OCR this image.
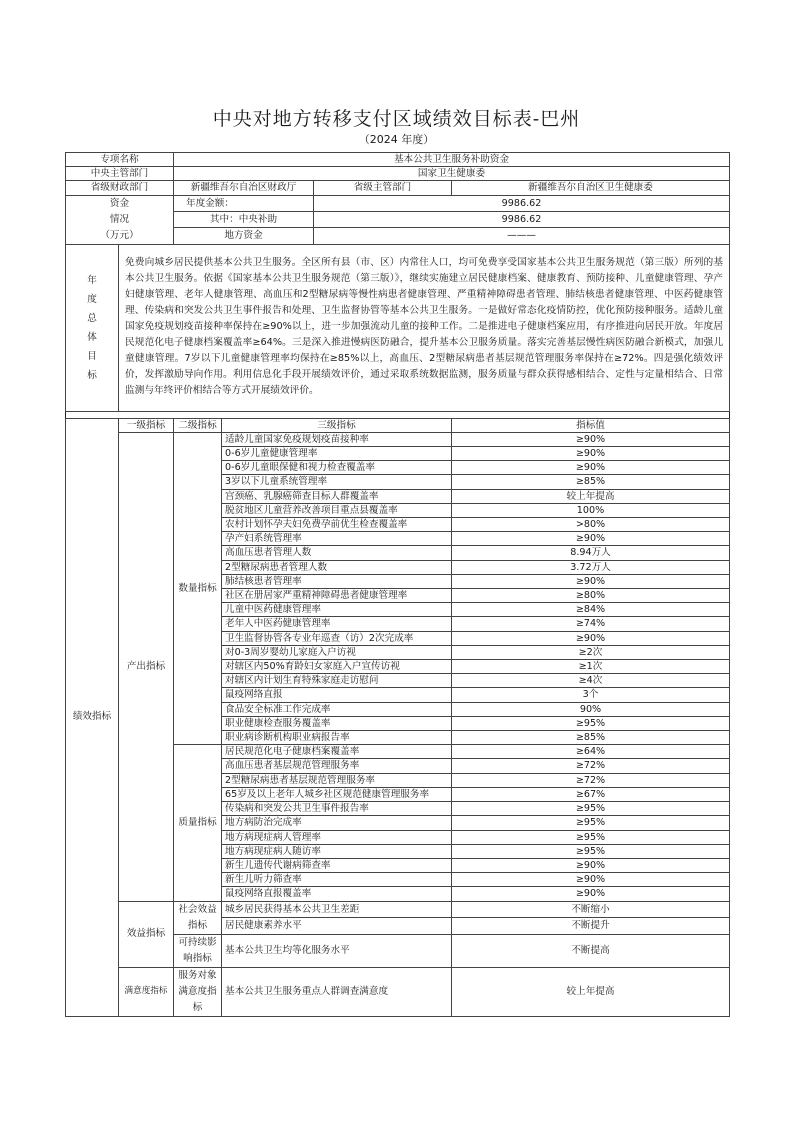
中央对地方转移支付区域绩效目标表-巴州
（2024 年度）
专项名称		基本公共卫生服务补助资金			
中央主管部门		国家卫生健康委			
省级财政部门		新疆维吾尔自治区财政厅		省级主管部门	新疆维吾尔自治区卫生健康委
资金
情况
（万元）		年度金额：		9986.62	
		其中：中央补助		9986.62	
		地方资金		———	

年度总体目标	免费向城乡居民提供基本公共卫生服务。全区所有县（市、区）内常住人口，均可免费享受国家基本公共卫生服务规范（第三版）所列的基本公共卫生服务。依据《国家基本公共卫生服务规范（第三版）》，继续实施建立居民健康档案、健康教育、预防接种、儿童健康管理、孕产妇健康管理、老年人健康管理、高血压和2型糖尿病等慢性病患者健康管理、严重精神障碍患者管理、肺结核患者健康管理、中医药健康管理、传染病和突发公共卫生事件报告和处理、卫生监督协管等基本公共卫生服务。一是做好常态化疫情防控，优化预防接种服务。适龄儿童国家免疫规划疫苗接种率保持在≥90%以上，进一步加强流动儿童的接种工作。二是推进电子健康档案应用，有序推进向居民开放。年度居民规范化电子健康档案覆盖率≥64%。三是深入推进慢病医防融合，提升基本公卫服务质量。落实完善基层慢性病医防融合新模式，加强儿童健康管理。7岁以下儿童健康管理率均保持在≥85%以上，高血压、2型糖尿病患者基层规范管理服务率保持在≥72%。四是强化绩效评价，发挥激励导向作用。利用信息化手段开展绩效评价，通过采取系统数据监测，服务质量与群众获得感相结合、定性与定量相结合、日常监测与年终评价相结合等方式开展绩效评价。				

绩效指标	一级指标	二级指标	三级指标		指标值
	产出指标	数量指标	适龄儿童国家免疫规划疫苗接种率		≥90%
			0-6岁儿童健康管理率		≥90%
			0-6岁儿童眼保健和视力检查覆盖率		≥90%
			3岁以下儿童系统管理率		≥85%
			宫颈癌、乳腺癌筛查目标人群覆盖率		较上年提高
			脱贫地区儿童营养改善项目重点县覆盖率		100%
			农村计划怀孕夫妇免费孕前优生检查覆盖率		>80%
			孕产妇系统管理率		≥90%
			高血压患者管理人数		8.94万人
			2型糖尿病患者管理人数		3.72万人
			肺结核患者管理率		≥90%
			社区在册居家严重精神障碍患者健康管理率		≥80%
			儿童中医药健康管理率		≥84%
			老年人中医药健康管理率		≥74%
			卫生监督协管各专业年巡查（访）2次完成率		≥90%
			对0-3周岁婴幼儿家庭入户访视		≥2次
			对辖区内50%育龄妇女家庭入户宣传访视		≥1次
			对辖区内计划生育特殊家庭走访慰问		≥4次
			鼠疫网络直报		3个
			食品安全标准工作完成率		90%
			职业健康检查服务覆盖率		≥95%
			职业病诊断机构职业病报告率		≥85%
		质量指标	居民规范化电子健康档案覆盖率		≥64%
			高血压患者基层规范管理服务率		≥72%
			2型糖尿病患者基层规范管理服务率		≥72%
			65岁及以上老年人城乡社区规范健康管理服务率		≥67%
			传染病和突发公共卫生事件报告率		≥95%
			地方病防治完成率		≥95%
			地方病现症病人管理率		≥95%
			地方病现症病人随访率		≥95%
			新生儿遗传代谢病筛查率		≥90%
			新生儿听力筛查率		≥90%
			鼠疫网络直报覆盖率		≥90%
	效益指标	社会效益指标	城乡居民获得基本公共卫生差距		不断缩小
			居民健康素养水平		不断提升
		可持续影响指标	基本公共卫生均等化服务水平		不断提高
	满意度指标	服务对象满意度指标	基本公共卫生服务重点人群调查满意度		较上年提高
